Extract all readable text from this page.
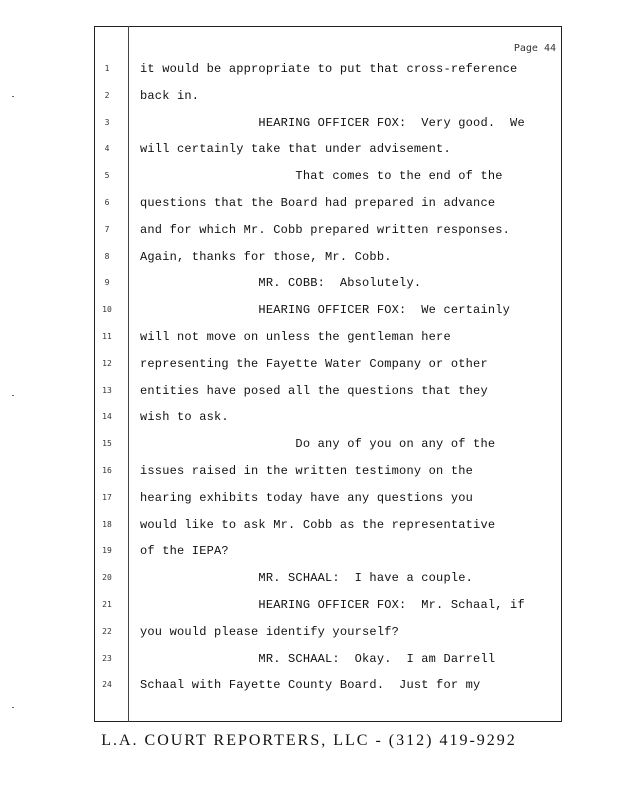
Page 44
1	it would be appropriate to put that cross-reference
2	back in.
3	HEARING OFFICER FOX:  Very good.  We
4	will certainly take that under advisement.
5	That comes to the end of the
6	questions that the Board had prepared in advance
7	and for which Mr. Cobb prepared written responses.
8	Again, thanks for those, Mr. Cobb.
9	MR. COBB:  Absolutely.
10	HEARING OFFICER FOX:  We certainly
11	will not move on unless the gentleman here
12	representing the Fayette Water Company or other
13	entities have posed all the questions that they
14	wish to ask.
15	Do any of you on any of the
16	issues raised in the written testimony on the
17	hearing exhibits today have any questions you
18	would like to ask Mr. Cobb as the representative
19	of the IEPA?
20	MR. SCHAAL:  I have a couple.
21	HEARING OFFICER FOX:  Mr. Schaal, if
22	you would please identify yourself?
23	MR. SCHAAL:  Okay.  I am Darrell
24	Schaal with Fayette County Board.  Just for my
L.A. COURT REPORTERS, LLC - (312) 419-9292
